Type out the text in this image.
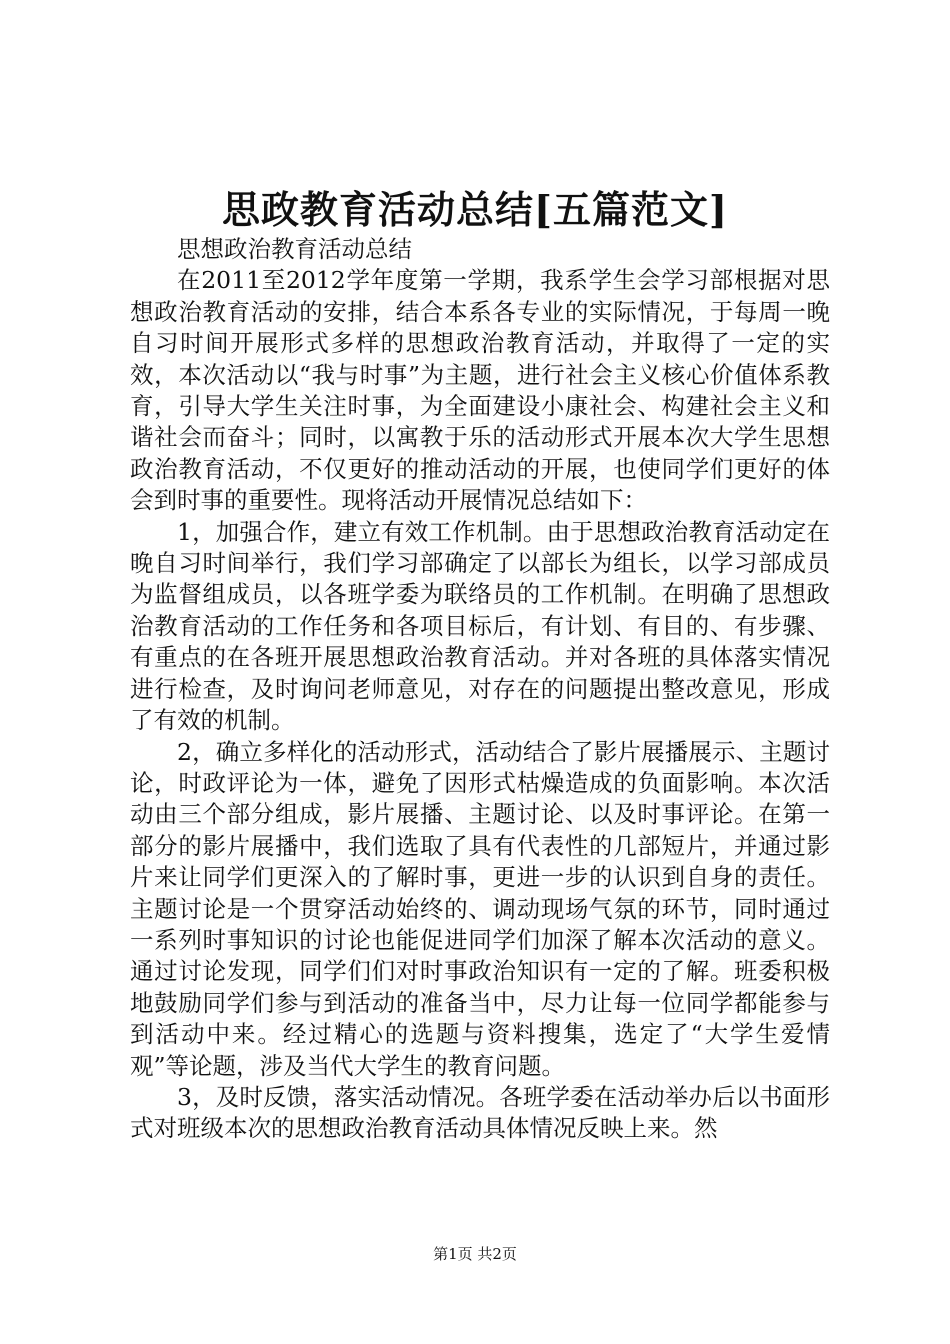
思政教育活动总结[五篇范文]

思想政治教育活动总结

在2011至2012学年度第一学期，我系学生会学习部根据对思想政治教育活动的安排，结合本系各专业的实际情况，于每周一晚自习时间开展形式多样的思想政治教育活动，并取得了一定的实效，本次活动以“我与时事”为主题，进行社会主义核心价值体系教育，引导大学生关注时事，为全面建设小康社会、构建社会主义和谐社会而奋斗；同时，以寓教于乐的活动形式开展本次大学生思想政治教育活动，不仅更好的推动活动的开展，也使同学们更好的体会到时事的重要性。现将活动开展情况总结如下：

1，加强合作，建立有效工作机制。由于思想政治教育活动定在晚自习时间举行，我们学习部确定了以部长为组长，以学习部成员为监督组成员，以各班学委为联络员的工作机制。在明确了思想政治教育活动的工作任务和各项目标后，有计划、有目的、有步骤、有重点的在各班开展思想政治教育活动。并对各班的具体落实情况进行检查，及时询问老师意见，对存在的问题提出整改意见，形成了有效的机制。

2，确立多样化的活动形式，活动结合了影片展播展示、主题讨论，时政评论为一体，避免了因形式枯燥造成的负面影响。本次活动由三个部分组成，影片展播、主题讨论、以及时事评论。在第一部分的影片展播中，我们选取了具有代表性的几部短片，并通过影片来让同学们更深入的了解时事，更进一步的认识到自身的责任。主题讨论是一个贯穿活动始终的、调动现场气氛的环节，同时通过一系列时事知识的讨论也能促进同学们加深了解本次活动的意义。通过讨论发现，同学们们对时事政治知识有一定的了解。班委积极地鼓励同学们参与到活动的准备当中，尽力让每一位同学都能参与到活动中来。经过精心的选题与资料搜集，选定了“大学生爱情观”等论题，涉及当代大学生的教育问题。

3，及时反馈，落实活动情况。各班学委在活动举办后以书面形式对班级本次的思想政治教育活动具体情况反映上来。然

第1页 共2页
